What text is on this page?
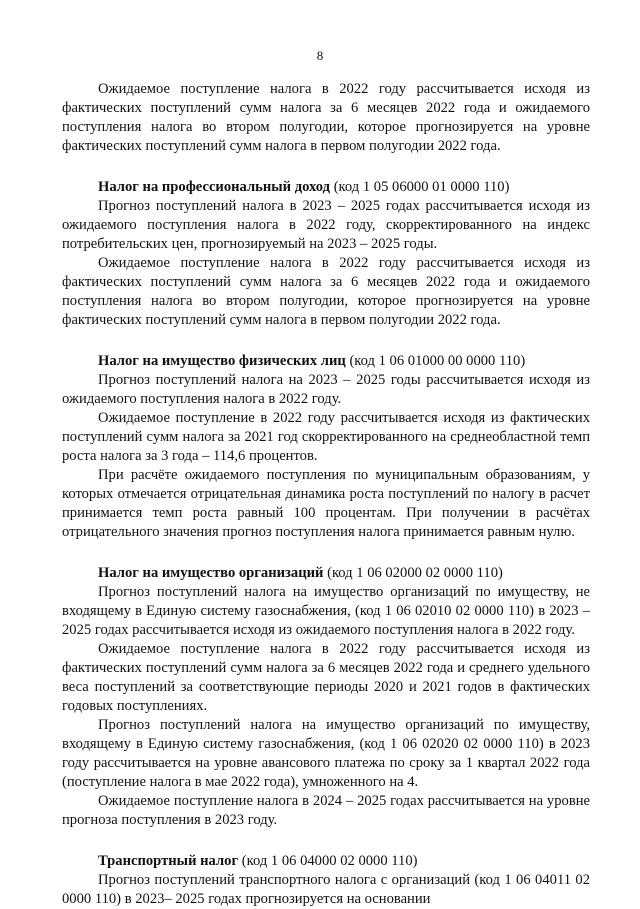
8

Ожидаемое поступление налога в 2022 году рассчитывается исходя из фактических поступлений сумм налога за 6 месяцев 2022 года и ожидаемого поступления налога во втором полугодии, которое прогнозируется на уровне фактических поступлений сумм налога в первом полугодии 2022 года.

Налог на профессиональный доход (код 1 05 06000 01 0000 110)

Прогноз поступлений налога в 2023 – 2025 годах рассчитывается исходя из ожидаемого поступления налога в 2022 году, скорректированного на индекс потребительских цен, прогнозируемый на 2023 – 2025 годы.

Ожидаемое поступление налога в 2022 году рассчитывается исходя из фактических поступлений сумм налога за 6 месяцев 2022 года и ожидаемого поступления налога во втором полугодии, которое прогнозируется на уровне фактических поступлений сумм налога в первом полугодии 2022 года.

Налог на имущество физических лиц (код 1 06 01000 00 0000 110)

Прогноз поступлений налога на 2023 – 2025 годы рассчитывается исходя из ожидаемого поступления налога в 2022 году.

Ожидаемое поступление в 2022 году рассчитывается исходя из фактических поступлений сумм налога за 2021 год скорректированного на среднеобластной темп роста налога за 3 года – 114,6 процентов.

При расчёте ожидаемого поступления по муниципальным образованиям, у которых отмечается отрицательная динамика роста поступлений по налогу в расчет принимается темп роста равный 100 процентам. При получении в расчётах отрицательного значения прогноз поступления налога принимается равным нулю.

Налог на имущество организаций (код 1 06 02000 02 0000 110)

Прогноз поступлений налога на имущество организаций по имуществу, не входящему в Единую систему газоснабжения, (код 1 06 02010 02 0000 110) в 2023 – 2025 годах рассчитывается исходя из ожидаемого поступления налога в 2022 году.

Ожидаемое поступление налога в 2022 году рассчитывается исходя из фактических поступлений сумм налога за 6 месяцев 2022 года и среднего удельного веса поступлений за соответствующие периоды 2020 и 2021 годов в фактических годовых поступлениях.

Прогноз поступлений налога на имущество организаций по имуществу, входящему в Единую систему газоснабжения, (код 1 06 02020 02 0000 110) в 2023 году рассчитывается на уровне авансового платежа по сроку за 1 квартал 2022 года (поступление налога в мае 2022 года), умноженного на 4.

Ожидаемое поступление налога в 2024 – 2025 годах рассчитывается на уровне прогноза поступления в 2023 году.

Транспортный налог (код 1 06 04000 02 0000 110)

Прогноз поступлений транспортного налога с организаций (код 1 06 04011 02 0000 110) в 2023– 2025 годах прогнозируется на основании
